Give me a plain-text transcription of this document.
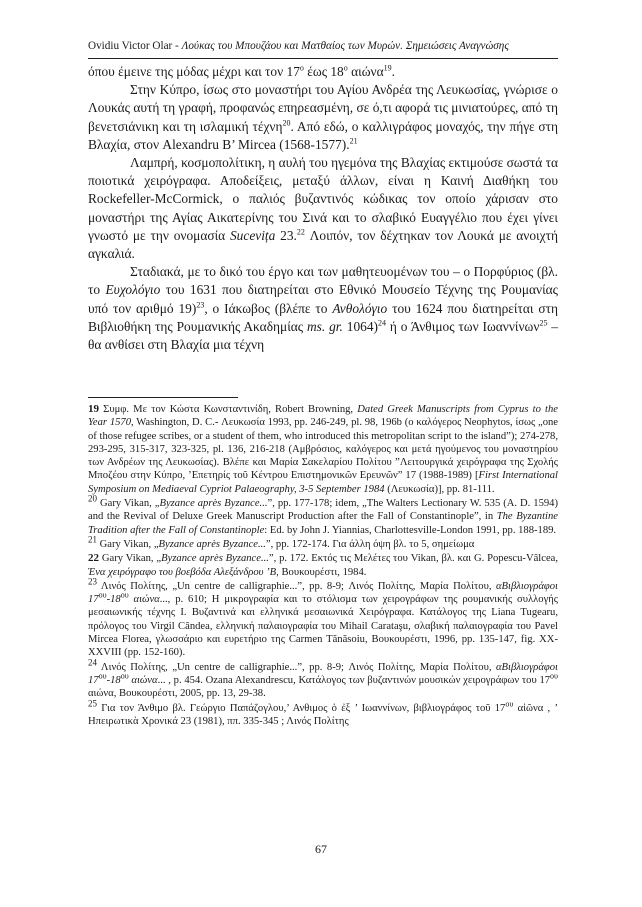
Ovidiu Victor Olar - Λούκας του Μπουζάου και Ματθαίος των Μυρών. Σημειώσεις Αναγνώσης

όπου έμεινε της μόδας μέχρι και τον $17^o$ έως $18^o$ αιώνα$^{19}$.

Στην Κύπρο, ίσως στο μοναστήρι του Αγίου Ανδρέα της Λευκωσίας, γνώρισε ο Λουκάς αυτή τη γραφή, προφανώς επηρεασμένη, σε ό,τι αφορά τις μινιατούρες, από τη βενετσιάνικη και τη ισλαμική τέχνη$^{20}$. Από εδώ, ο καλλιγράφος μοναχός, την πήγε στη Βλαχία, στον Alexandru B’ Mircea (1568-1577).$^{21}$

Λαμπρή, κοσμοπολίτικη, η αυλή του ηγεμόνα της Βλαχίας εκτιμούσε σωστά τα ποιοτικά χειρόγραφα. Αποδείξεις, μεταξύ άλλων, είναι η Καινή Διαθήκη του Rockefeller-McCormick, ο παλιός βυζαντινός κώδικας τον οποίο χάρισαν στο μοναστήρι της Αγίας Αικατερίνης του Σινά και το σλαβικό Ευαγγέλιο που έχει γίνει γνωστό με την ονομασία Sucevița 23.22 Λοιπόν, τον δέχτηκαν τον Λουκά με ανοιχτή αγκαλιά.

Σταδιακά, με το δικό του έργο και των μαθητευομένων του – ο Πορφύριος (βλ. το Ευχολόγιο του 1631 που διατηρείται στο Εθνικό Μουσείο Τέχνης της Ρουμανίας υπό τον αριθμό 19)$^{23}$, ο Ιάκωβος (βλέπε το Ανθολόγιο του 1624 που διατηρείται στη Βιβλιοθήκη της Ρουμανικής Ακαδημίας ms. gr. 1064)$^{24}$ ή ο Άνθιμος των Ιωαννίνων$^{25}$ – θα ανθίσει στη Βλαχία μια τέχνη

19 Συμφ. Με τον Κώστα Κωνσταντινίδη, Robert Browning, Dated Greek Manuscripts from Cyprus to the Year 1570, Washington, D. C.- Λευκωσία 1993, pp. 246-249, pl. 98, 196b (ο καλόγερος Neophytos, ίσως „one of those refugee scribes, or a student of them, who introduced this metropolitan script to the island”); 274-278, 293-295, 315-317, 323-325, pl. 136, 216-218 (Αμβρόσιος, καλόγερος και μετά ηγούμενος του μοναστηρίου των Ανδρέων της Λευκωσίας). Βλέπε και Μαρία Σακελαρίου Πολίτου ”Λειτουργικά χειρόγραφα της Σχολής Μποζέου στην Κύπρο, ’Επετηρίς τοῦ Κέντρου Επιστημονικῶν Ερευνῶν” 17 (1988-1989) [First International Symposium on Mediaeval Cypriot Palaeography, 3-5 September 1984 (Λευκωσία)], pp. 81-111.

$^{20}$ Gary Vikan, „Byzance après Byzance...”, pp. 177-178; idem, „The Walters Lectionary W. 535 (A. D. 1594) and the Revival of Deluxe Greek Manuscript Production after the Fall of Constantinople”, in The Byzantine Tradition after the Fall of Constantinople: Ed. by John J. Yiannias, Charlottesville-London 1991, pp. 188-189.

$^{21}$ Gary Vikan, „Byzance après Byzance...”, pp. 172-174. Για άλλη όψη βλ. το 5, σημείωμα

22 Gary Vikan, „Byzance après Byzance...”, p. 172. Εκτός τις Μελέτες του Vikan, βλ. και G. Popescu-Vâlcea, Ένα χειρόγραφο του βοεβόδα Αλεξάνδρου ’Β, Βουκουρέστι, 1984.

$^{23}$ Λινός Πολίτης, „Un centre de calligraphie...”, pp. 8-9; Λινός Πολίτης, Μαρία Πολίτου, αΒιβλιογράφοι $17^{o\upsilon}-18^{o\upsilon}$ αιώνα..., p. 610; Η μικρογραφία και το στόλισμα των χειρογράφων της ρουμανικής συλλογής μεσαιωνικής τέχνης I. Βυζαντινά και ελληνικά μεσαιωνικά Χειρόγραφα. Κατάλογος της Liana Tugearu, πρόλογος του Virgil Cândea, ελληνική παλαιογραφία του Mihail Carataşu, σλαβική παλαιογραφία του Pavel Mircea Florea, γλωσσάριο και ευρετήριο της Carmen Tănăsoiu, Βουκουρέστι, 1996, pp. 135-147, fig. XX-XXVIII (pp. 152-160).

$^{24}$ Λινός Πολίτης, „Un centre de calligraphie...”, pp. 8-9; Λινός Πολίτης, Μαρία Πολίτου, αΒιβλιογράφοι $17^{o\upsilon}-18^{o\upsilon}$ αιώνα... , p. 454. Ozana Alexandrescu, Κατάλογος των βυζαντινών μουσικών χειρογράφων του $17^{o\upsilon}$ αιώνα, Βουκουρέστι, 2005, pp. 13, 29-38.

$^{25}$ Για τον Άνθιμο βλ. Γεώργιο Παπάζογλου,’ Ανθιμος ὁ ἐξ ’ Ιωαννίνων, βιβλιογράφος τοῦ $17^{o\upsilon}$ αἰῶνα , ’ Ηπειρωτικὰ Χρονικά 23 (1981), ππ. 335-345 ; Λινός Πολίτης

67
